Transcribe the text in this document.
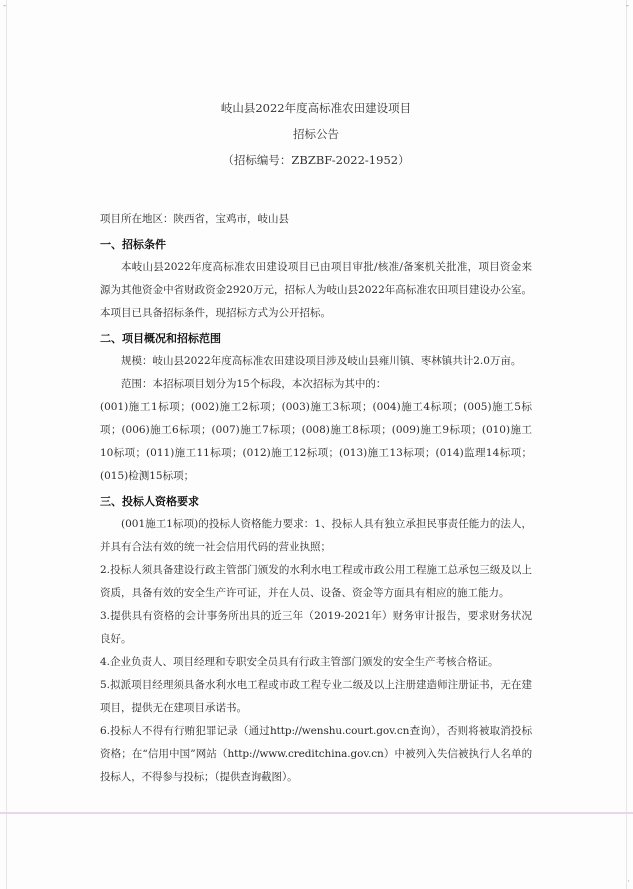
-	-
·
岐山县2022年度高标准农田建设项目
招标公告
（招标编号：ZBZBF-2022-1952）
项目所在地区：陕西省，宝鸡市，岐山县
一、招标条件
本岐山县2022年度高标准农田建设项目已由项目审批/核准/备案机关批准，项目资金来源为其他资金中省财政资金2920万元，招标人为岐山县2022年高标准农田项目建设办公室。本项目已具备招标条件，现招标方式为公开招标。
二、项目概况和招标范围
规模：岐山县2022年度高标准农田建设项目涉及岐山县雍川镇、枣林镇共计2.0万亩。
范围：本招标项目划分为15个标段，本次招标为其中的：
(001)施工1标项；(002)施工2标项；(003)施工3标项；(004)施工4标项；(005)施工5标项；(006)施工6标项；(007)施工7标项；(008)施工8标项；(009)施工9标项；(010)施工10标项；(011)施工11标项；(012)施工12标项；(013)施工13标项；(014)监理14标项；(015)检测15标项；
三、投标人资格要求
(001施工1标项)的投标人资格能力要求：1、投标人具有独立承担民事责任能力的法人，并具有合法有效的统一社会信用代码的营业执照；
2.投标人须具备建设行政主管部门颁发的水利水电工程或市政公用工程施工总承包三级及以上资质，具备有效的安全生产许可证，并在人员、设备、资金等方面具有相应的施工能力。
3.提供具有资格的会计事务所出具的近三年（2019-2021年）财务审计报告，要求财务状况良好。
4.企业负责人、项目经理和专职安全员具有行政主管部门颁发的安全生产考核合格证。
5.拟派项目经理须具备水利水电工程或市政工程专业二级及以上注册建造师注册证书，无在建项目，提供无在建项目承诺书。
6.投标人不得有行贿犯罪记录（通过http://wenshu.court.gov.cn查询），否则将被取消投标资格；在“信用中国”网站（http://www.creditchina.gov.cn）中被列入失信被执行人名单的投标人，不得参与投标；（提供查询截图）。
